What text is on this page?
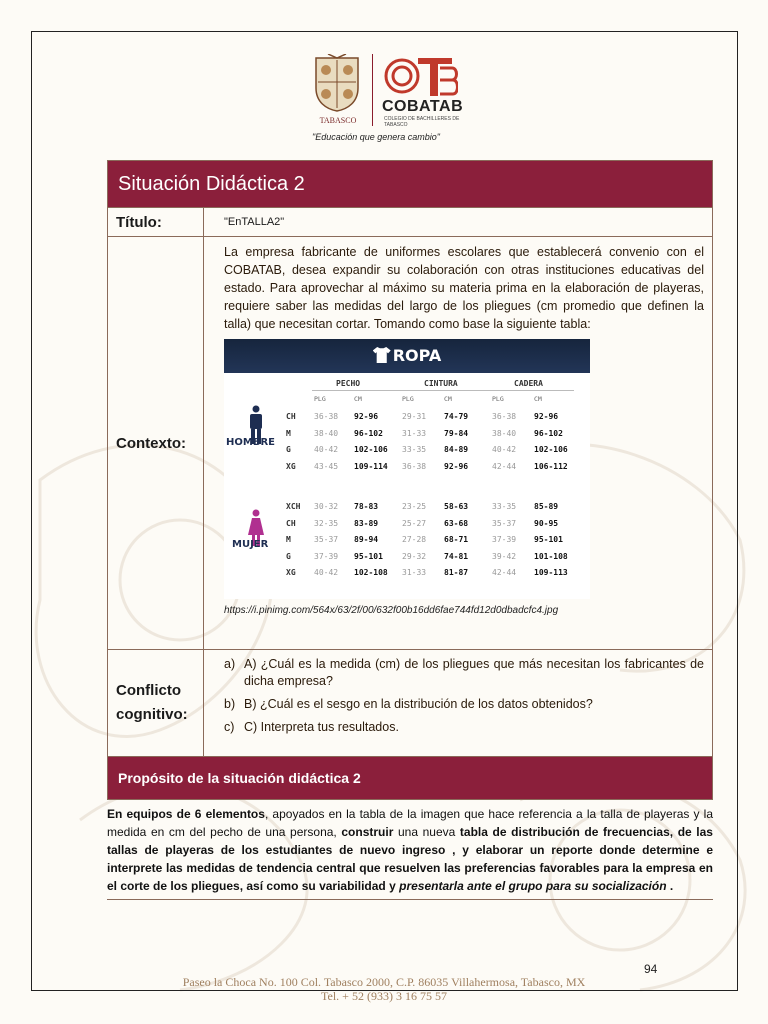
TABASCO
COBATAB
COLEGIO DE BACHILLERES DE TABASCO
"Educación que genera cambio"
Situación Didáctica 2
Título:	"EnTALLA2"
Contexto:
La empresa fabricante de uniformes escolares que establecerá convenio con el COBATAB, desea expandir su colaboración con otras instituciones educativas del estado. Para aprovechar al máximo su materia prima en la elaboración de playeras, requiere saber las medidas del largo de los pliegues (cm promedio que definen la talla) que necesitan cortar. Tomando como base la siguiente tabla:
ROPA
PECHO	CINTURA	CADERA
PLG	CM	PLG	CM	PLG	CM
HOMBRE
MUJER
CH 36-38 92-96	29-31 74-79	36-38 92-96
M	38-40 96-102 31-33 79-84	38-40 96-102
G	40-42 102-106 33-35 84-89	40-42 102-106
XG 43-45 109-114 36-38 92-96	42-44 106-112
XCH 30-32 78-83	23-25 58-63	33-35 85-89
CH 32-35 83-89	25-27 63-68	35-37 90-95
M	35-37 89-94	27-28 68-71	37-39 95-101
G	37-39 95-101 29-32 74-81	39-42 101-108
XG 40-42 102-108 31-33 81-87	42-44 109-113
https://i.pinimg.com/564x/63/2f/00/632f00b16dd6fae744fd12d0dbadcfc4.jpg
Conflicto
cognitivo:
a) A) ¿Cuál es la medida (cm) de los pliegues que más necesitan los fabricantes de dicha empresa?
b) B) ¿Cuál es el sesgo en la distribución de los datos obtenidos?
c) C) Interpreta tus resultados.
Propósito de la situación didáctica 2
En equipos de 6 elementos, apoyados en la tabla de la imagen que hace referencia a la talla de playeras y la medida en cm del pecho de una persona, construir una nueva tabla de distribución de frecuencias, de las tallas de playeras de los estudiantes de nuevo ingreso , y elaborar un reporte donde determine e interprete las medidas de tendencia central que resuelven las preferencias favorables para la empresa en el corte de los pliegues, así como su variabilidad y presentarla ante el grupo para su socialización .
94
Paseo la Choca No. 100 Col. Tabasco 2000, C.P. 86035 Villahermosa, Tabasco, MX
Tel. + 52 (933) 3 16 75 57
